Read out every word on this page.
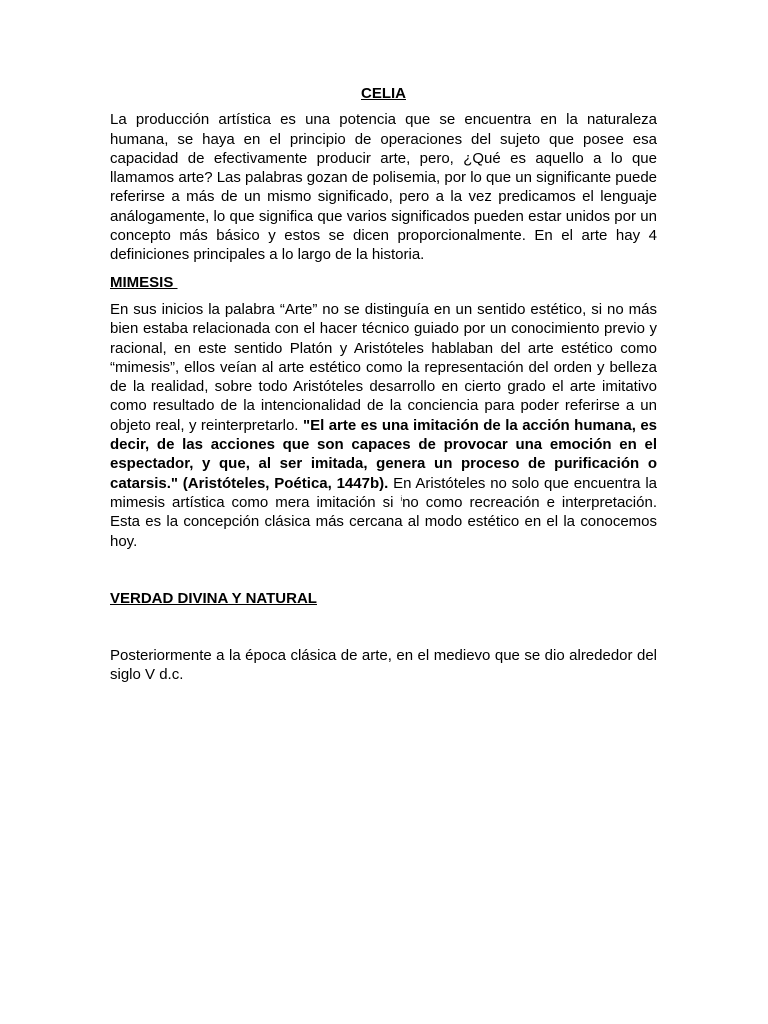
CELIA

La producción artística es una potencia que se encuentra en la naturaleza humana, se haya en el principio de operaciones del sujeto que posee esa capacidad de efectivamente producir arte, pero, ¿Qué es aquello a lo que llamamos arte? Las palabras gozan de polisemia, por lo que un significante puede referirse a más de un mismo significado, pero a la vez predicamos el lenguaje análogamente, lo que significa que varios significados pueden estar unidos por un concepto más básico y estos se dicen proporcionalmente. En el arte hay 4 definiciones principales a lo largo de la historia.

MIMESIS

En sus inicios la palabra “Arte” no se distinguía en un sentido estético, si no más bien estaba relacionada con el hacer técnico guiado por un conocimiento previo y racional, en este sentido Platón y Aristóteles hablaban del arte estético como “mimesis”, ellos veían al arte estético como la representación del orden y belleza de la realidad, sobre todo Aristóteles desarrollo en cierto grado el arte imitativo como resultado de la intencionalidad de la conciencia para poder referirse a un objeto real, y reinterpretarlo. "El arte es una imitación de la acción humana, es decir, de las acciones que son capaces de provocar una emoción en el espectador, y que, al ser imitada, genera un proceso de purificación o catarsis." (Aristóteles, Poética, 1447b). En Aristóteles no solo que encuentra la mimesis artística como mera imitación si $^i$no como recreación e interpretación. Esta es la concepción clásica más cercana al modo estético en el la conocemos hoy.

VERDAD DIVINA Y NATURAL

Posteriormente a la época clásica de arte, en el medievo que se dio alrededor del siglo V d.c.
